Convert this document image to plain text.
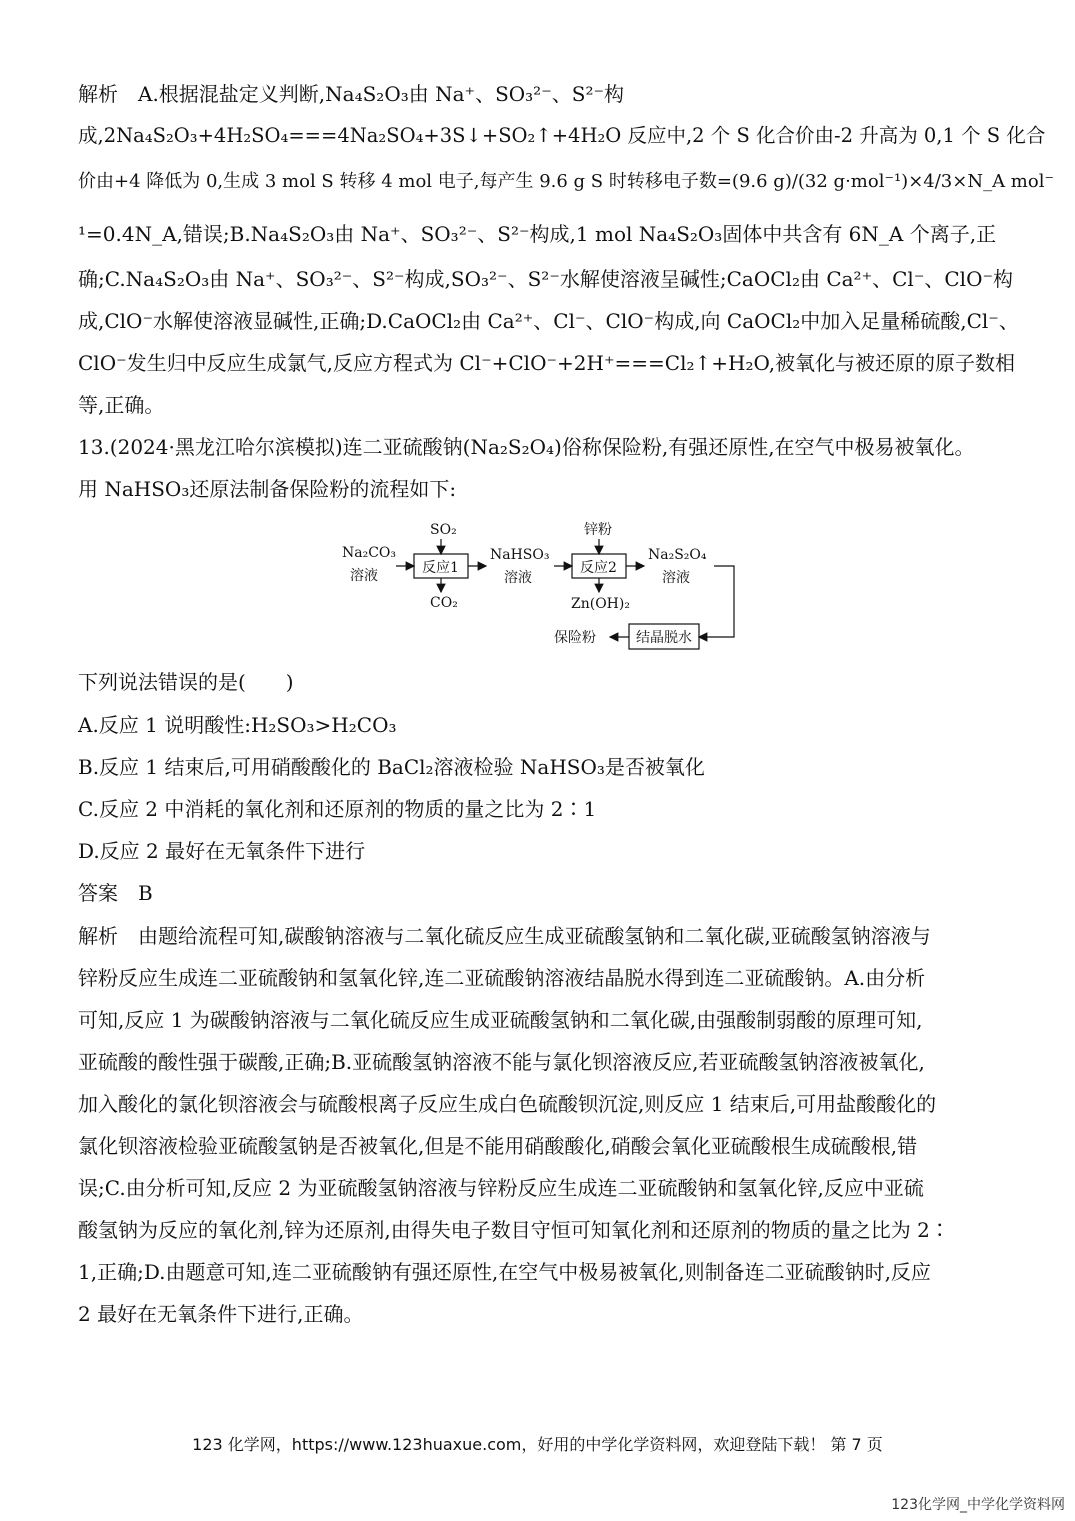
解析　A.根据混盐定义判断,Na₄S₂O₃由 Na⁺、SO₃²⁻、S²⁻构
成,2Na₄S₂O₃+4H₂SO₄===4Na₂SO₄+3S↓+SO₂↑+4H₂O 反应中,2 个 S 化合价由-2 升高为 0,1 个 S 化合
价由+4 降低为 0,生成 3 mol S 转移 4 mol 电子,每产生 9.6 g S 时转移电子数=(9.6 g)/(32 g·mol⁻¹)×4/3×N_A mol⁻
¹=0.4N_A,错误;B.Na₄S₂O₃由 Na⁺、SO₃²⁻、S²⁻构成,1 mol Na₄S₂O₃固体中共含有 6N_A 个离子,正
确;C.Na₄S₂O₃由 Na⁺、SO₃²⁻、S²⁻构成,SO₃²⁻、S²⁻水解使溶液呈碱性;CaOCl₂由 Ca²⁺、Cl⁻、ClO⁻构
成,ClO⁻水解使溶液显碱性,正确;D.CaOCl₂由 Ca²⁺、Cl⁻、ClO⁻构成,向 CaOCl₂中加入足量稀硫酸,Cl⁻、
ClO⁻发生归中反应生成氯气,反应方程式为 Cl⁻+ClO⁻+2H⁺===Cl₂↑+H₂O,被氧化与被还原的原子数相
等,正确。
13.(2024·黑龙江哈尔滨模拟)连二亚硫酸钠(Na₂S₂O₄)俗称保险粉,有强还原性,在空气中极易被氧化。
用 NaHSO₃还原法制备保险粉的流程如下:
Na₂CO₃
溶液	反应1
SO₂
CO₂
NaHSO₃
溶液
反应2
锌粉
Zn(OH)₂
Na₂S₂O₄
溶液
结晶脱水
保险粉
下列说法错误的是(　　)
A.反应 1 说明酸性:H₂SO₃>H₂CO₃
B.反应 1 结束后,可用硝酸酸化的 BaCl₂溶液检验 NaHSO₃是否被氧化
C.反应 2 中消耗的氧化剂和还原剂的物质的量之比为 2∶1
D.反应 2 最好在无氧条件下进行
答案　B
解析　由题给流程可知,碳酸钠溶液与二氧化硫反应生成亚硫酸氢钠和二氧化碳,亚硫酸氢钠溶液与
锌粉反应生成连二亚硫酸钠和氢氧化锌,连二亚硫酸钠溶液结晶脱水得到连二亚硫酸钠。A.由分析
可知,反应 1 为碳酸钠溶液与二氧化硫反应生成亚硫酸氢钠和二氧化碳,由强酸制弱酸的原理可知,
亚硫酸的酸性强于碳酸,正确;B.亚硫酸氢钠溶液不能与氯化钡溶液反应,若亚硫酸氢钠溶液被氧化,
加入酸化的氯化钡溶液会与硫酸根离子反应生成白色硫酸钡沉淀,则反应 1 结束后,可用盐酸酸化的
氯化钡溶液检验亚硫酸氢钠是否被氧化,但是不能用硝酸酸化,硝酸会氧化亚硫酸根生成硫酸根,错
误;C.由分析可知,反应 2 为亚硫酸氢钠溶液与锌粉反应生成连二亚硫酸钠和氢氧化锌,反应中亚硫
酸氢钠为反应的氧化剂,锌为还原剂,由得失电子数目守恒可知氧化剂和还原剂的物质的量之比为 2∶
1,正确;D.由题意可知,连二亚硫酸钠有强还原性,在空气中极易被氧化,则制备连二亚硫酸钠时,反应
2 最好在无氧条件下进行,正确。
123 化学网，https://www.123huaxue.com，好用的中学化学资料网，欢迎登陆下载！ 第 7 页
123化学网_中学化学资料网
